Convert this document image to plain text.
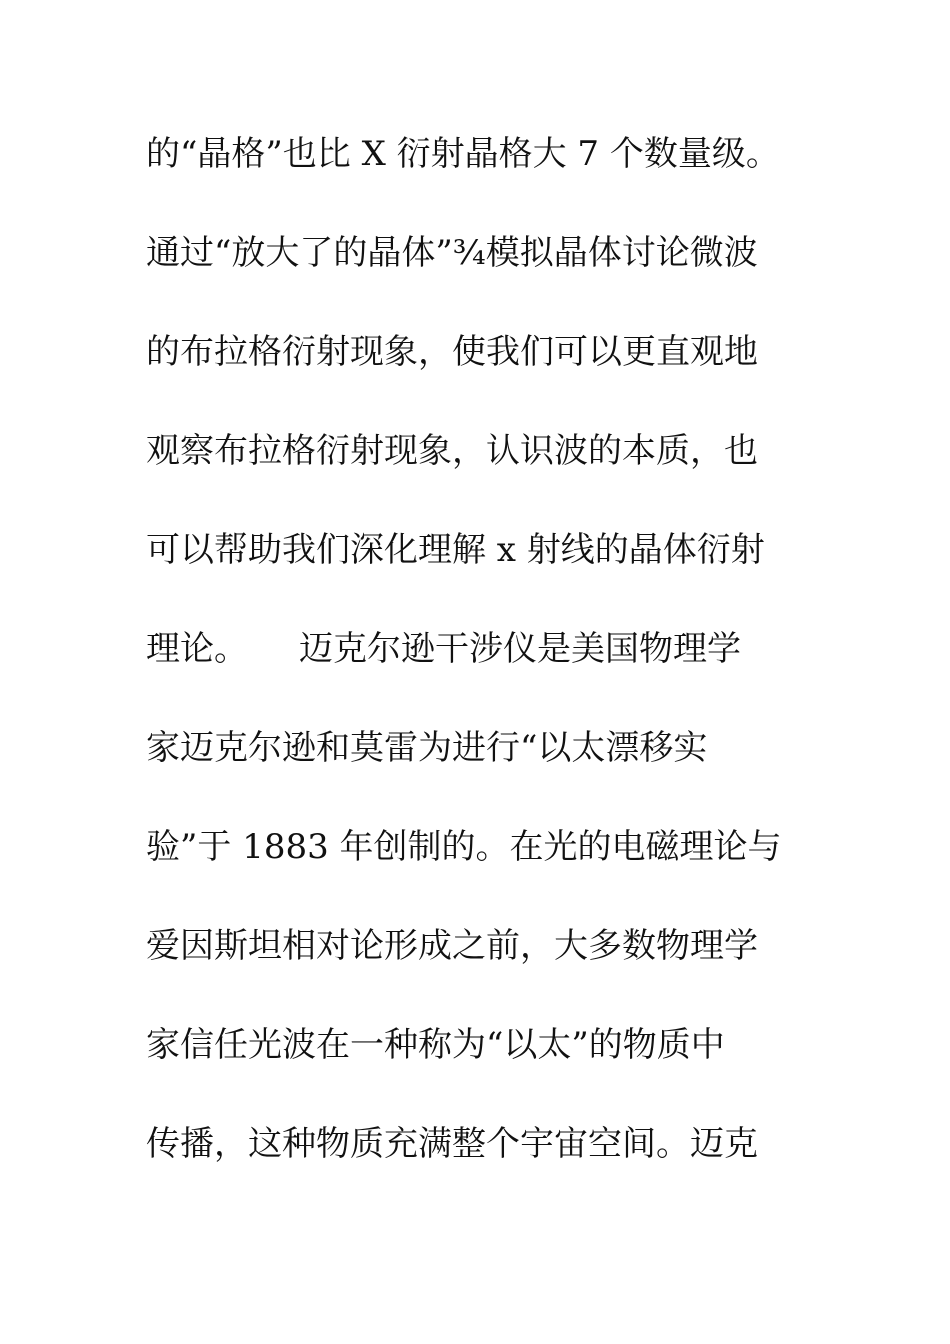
的“晶格”也比 X 衍射晶格大 7 个数量级。
通过“放大了的晶体”¾模拟晶体讨论微波
的布拉格衍射现象，使我们可以更直观地
观察布拉格衍射现象，认识波的本质，也
可以帮助我们深化理解 x 射线的晶体衍射
理论。　　迈克尔逊干涉仪是美国物理学
家迈克尔逊和莫雷为进行“以太漂移实
验”于 1883 年创制的。在光的电磁理论与
爱因斯坦相对论形成之前，大多数物理学
家信任光波在一种称为“以太”的物质中
传播，这种物质充满整个宇宙空间。迈克
